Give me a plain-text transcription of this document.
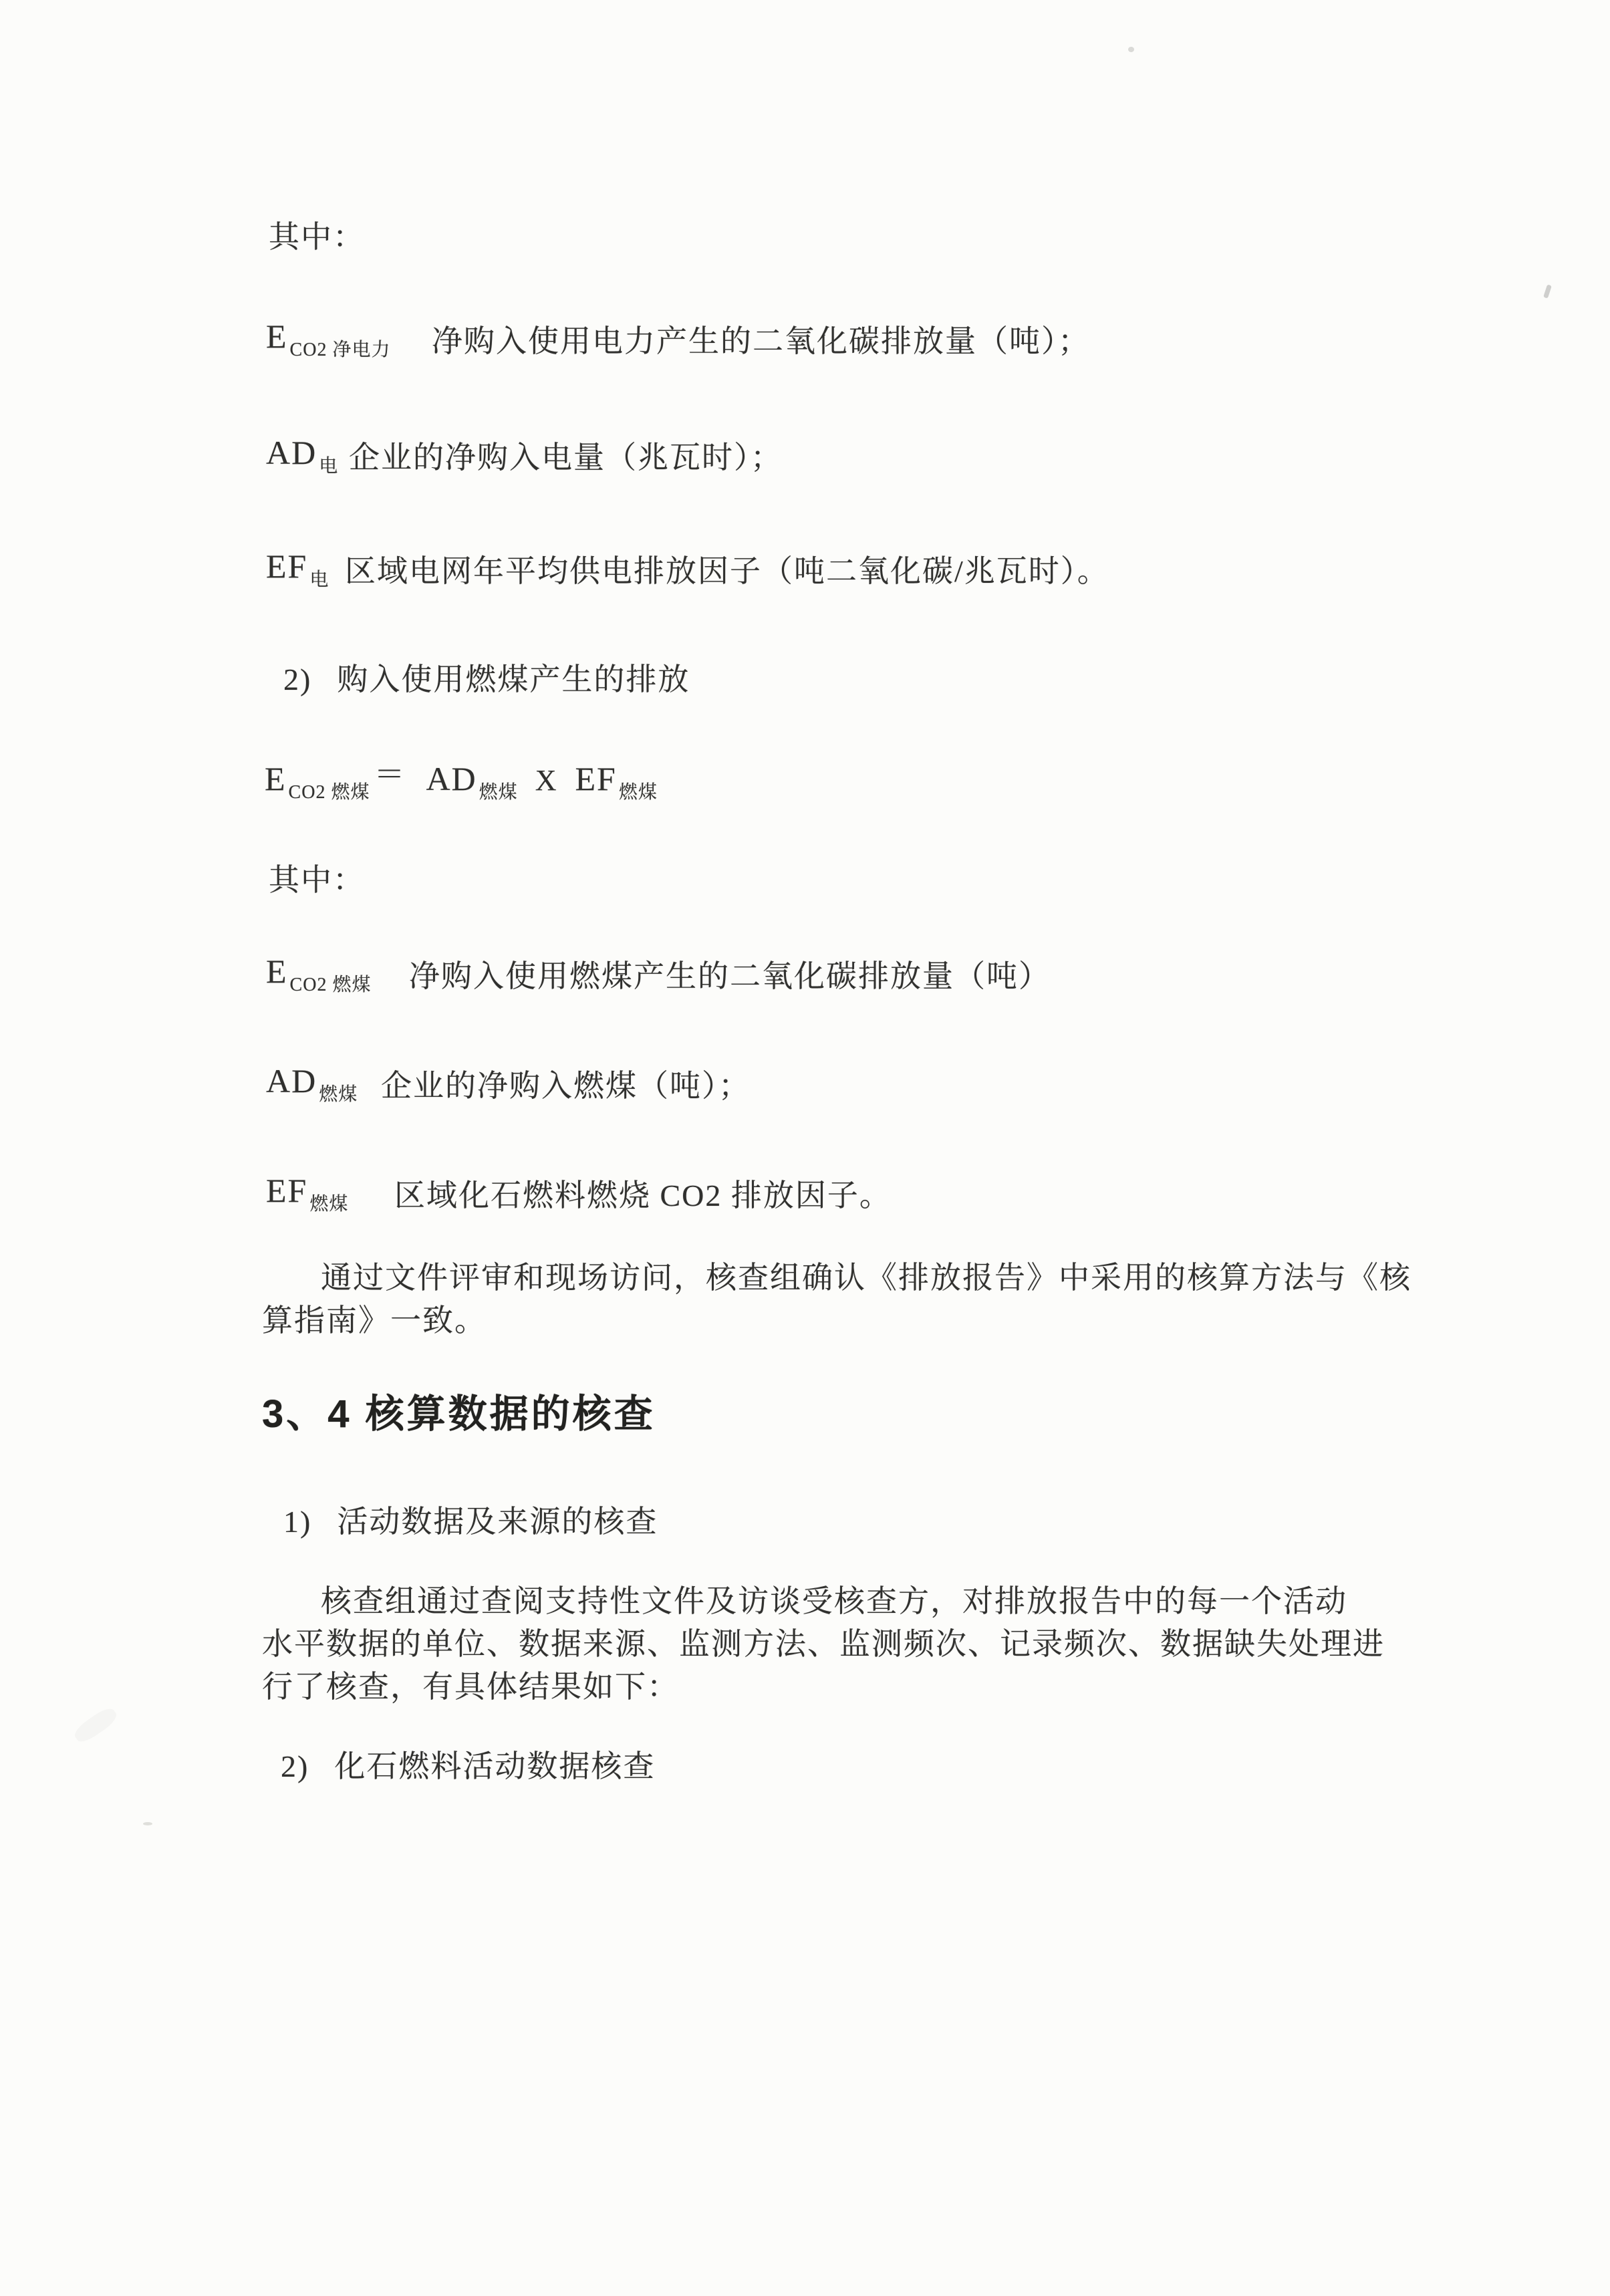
其中：
E $_{CO2 净电力}$	净购入使用电力产生的二氧化碳排放量（吨）；
AD $_电$ 企业的净购入电量（兆瓦时）；
EF $_电$ 区域电网年平均供电排放因子（吨二氧化碳/兆瓦时）。
2) 购入使用燃煤产生的排放
E $_{CO2 燃煤}$＝ AD $_{燃煤}$ X EF $_{燃煤}$
其中：
E $_{CO2 燃煤}$	净购入使用燃煤产生的二氧化碳排放量（吨）
AD $_{燃煤}$ 企业的净购入燃煤（吨）；
EF $_{燃煤}$	区域化石燃料燃烧 CO2 排放因子。
通过文件评审和现场访问，核查组确认《排放报告》中采用的核算方法与《核
算指南》一致。
3、4 核算数据的核查
1) 活动数据及来源的核查
核查组通过查阅支持性文件及访谈受核查方，对排放报告中的每一个活动
水平数据的单位、数据来源、监测方法、监测频次、记录频次、数据缺失处理进
行了核查，有具体结果如下：
2) 化石燃料活动数据核查
